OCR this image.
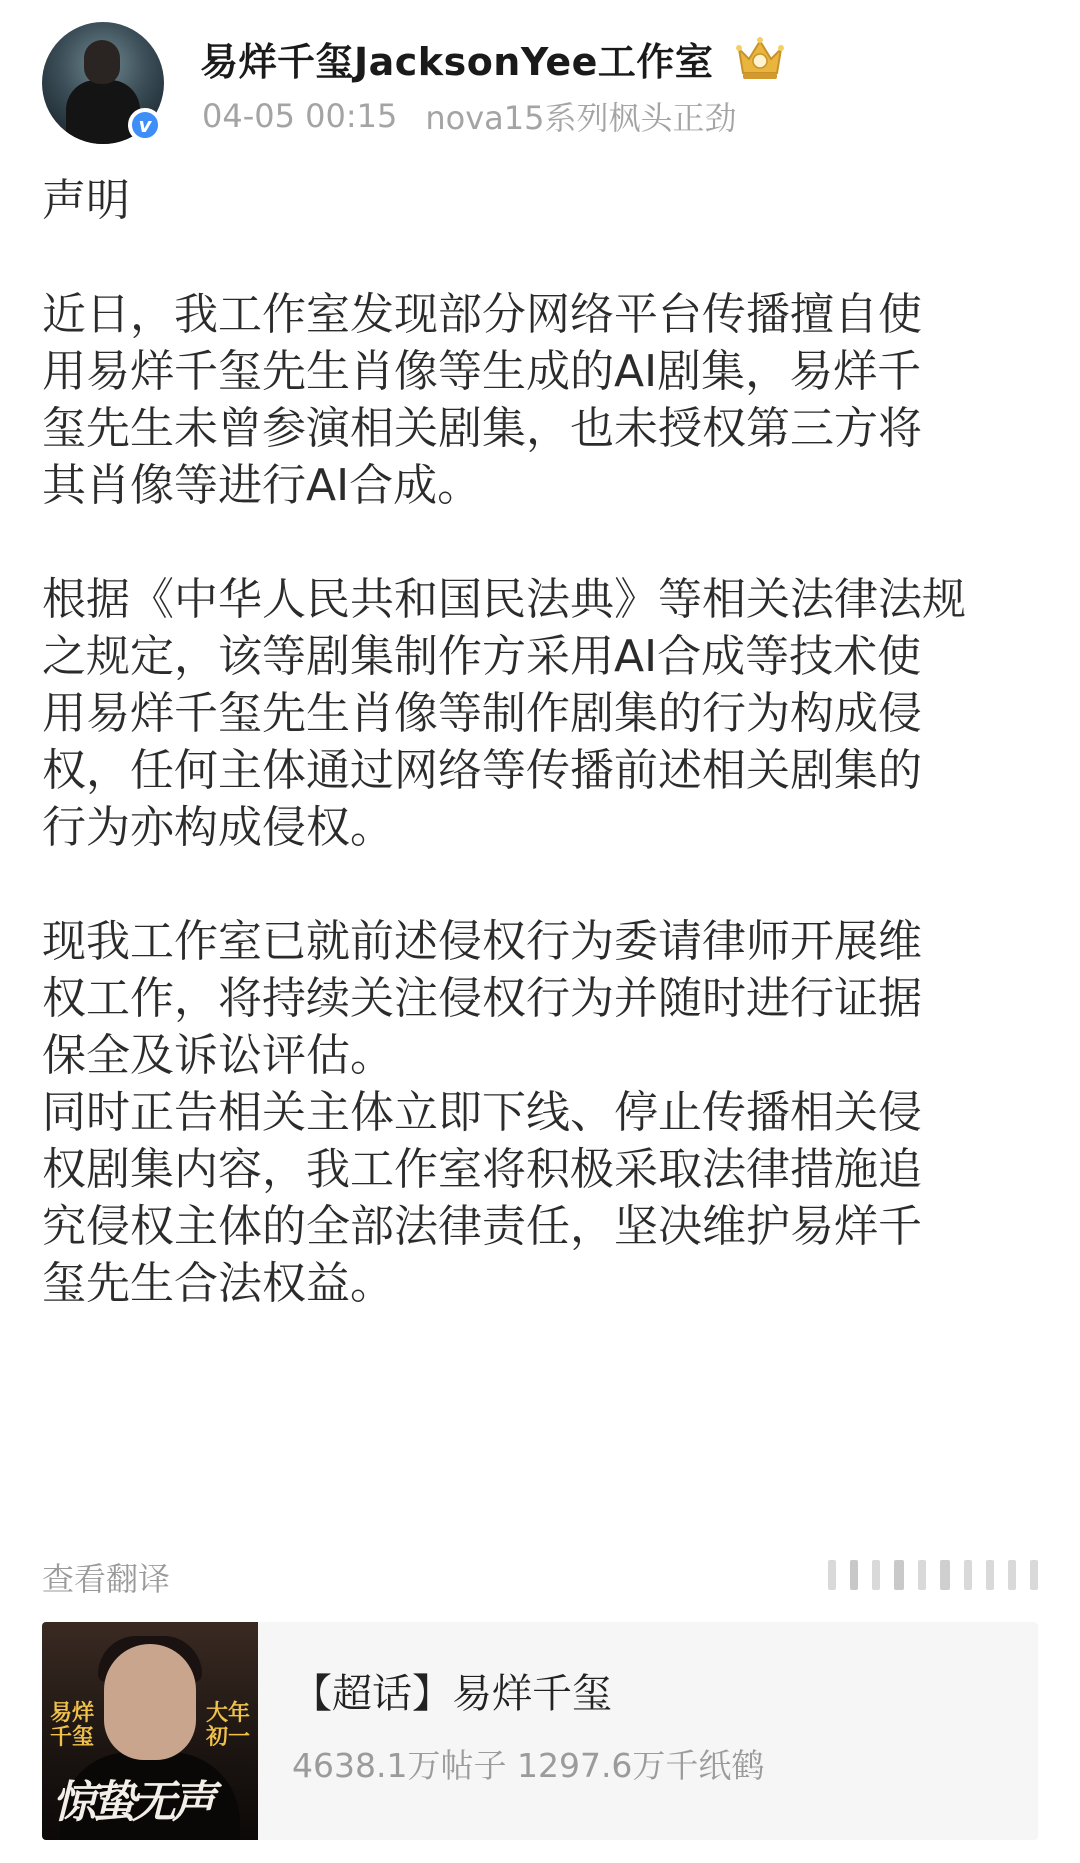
v
易烊千玺JacksonYee工作室
04-05 00:15 nova15系列枫头正劲

声明

近日，我工作室发现部分网络平台传播擅自使
用易烊千玺先生肖像等生成的AI剧集，易烊千
玺先生未曾参演相关剧集，也未授权第三方将
其肖像等进行AI合成。

根据《中华人民共和国民法典》等相关法律法规
之规定，该等剧集制作方采用AI合成等技术使
用易烊千玺先生肖像等制作剧集的行为构成侵
权，任何主体通过网络等传播前述相关剧集的
行为亦构成侵权。

现我工作室已就前述侵权行为委请律师开展维
权工作，将持续关注侵权行为并随时进行证据
保全及诉讼评估。
同时正告相关主体立即下线、停止传播相关侵
权剧集内容，我工作室将积极采取法律措施追
究侵权主体的全部法律责任，坚决维护易烊千
玺先生合法权益。

查看翻译
易烊
千玺
大年
初一
惊蛰无声
【超话】易烊千玺
4638.1万帖子 1297.6万千纸鹤
